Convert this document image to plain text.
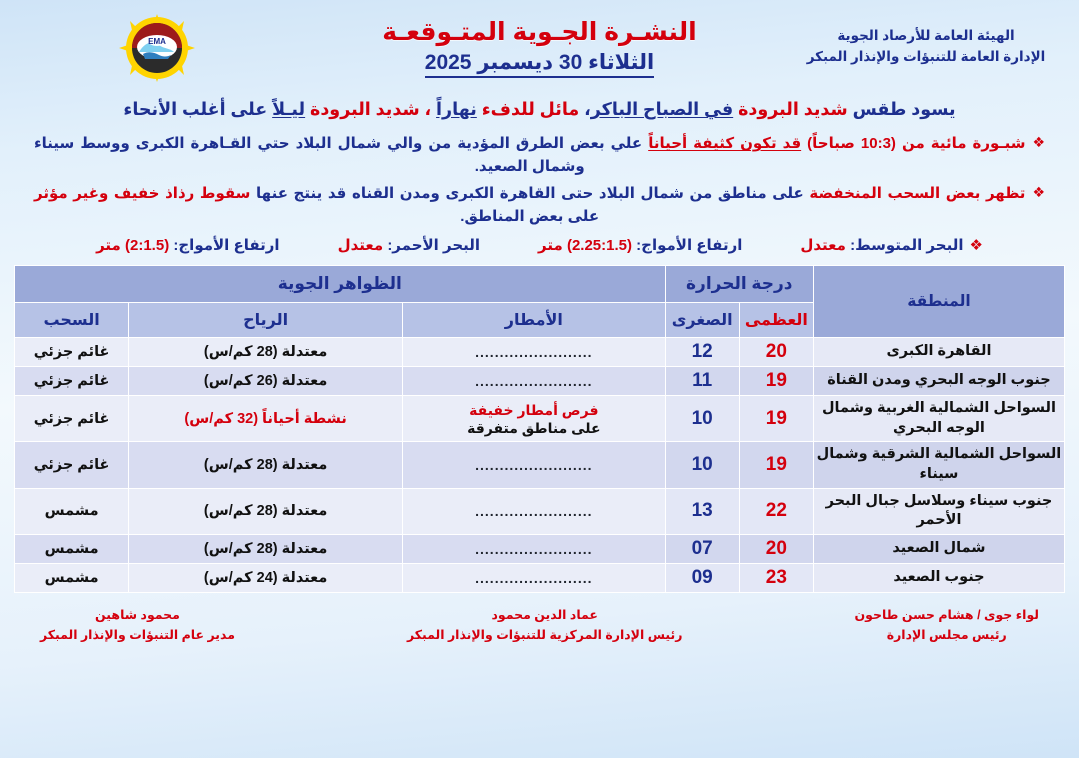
EMA	الهيئة العامة للأرصاد الجوية
الإدارة العامة للتنبؤات والإنذار المبكر
النشـرة الجـوية المتـوقعـة
الثلاثاء 30 ديسمبر 2025
يسود طقس شديد البرودة في الصباح الباكر، مائل للدفء نهاراً ، شديد البرودة ليـلاً على أغلب الأنحاء
❖
شبـورة مائية من (10:3 صباحاً) قد تكون كثيفة أحياناً علي بعض الطرق المؤدية من والي شمال البلاد حتي القـاهرة الكبرى ووسط سيناء وشمال الصعيد.
❖
تظهر بعض السحب المنخفضة على مناطق من شمال البلاد حتى القاهرة الكبرى ومدن القناه قد ينتج عنها سقوط رذاذ خفيف وغير مؤثر على بعض المناطق.
❖
البحر المتوسط: معتدل
ارتفاع الأمواج: (2.25:1.5) متر
البحر الأحمر: معتدل
ارتفاع الأمواج: (2:1.5) متر
المنطقة	درجة الحرارة		الظواهر الجوية		
	العظمى	الصغرى	الأمطار	الرياح	السحب
القاهرة الكبرى	20	12	........................	معتدلة (28 كم/س)	غائم جزئي
جنوب الوجه البحري ومدن القناة	19	11	........................	معتدلة (26 كم/س)	غائم جزئي
السواحل الشمالية الغربية وشمال الوجه البحري	19	10	فرص أمطار خفيفة
على مناطق متفرقة	نشطة أحياناً (32 كم/س)	غائم جزئي
السواحل الشمالية الشرقية وشمال سيناء	19	10	........................	معتدلة (28 كم/س)	غائم جزئي
جنوب سيناء وسلاسل جبال البحر الأحمر	22	13	........................	معتدلة (28 كم/س)	مشمس
شمال الصعيد	20	07	........................	معتدلة (28 كم/س)	مشمس
جنوب الصعيد	23	09	........................	معتدلة (24 كم/س)	مشمس
لواء جوى / هشام حسن طاحون
رئيس مجلس الإدارة
عماد الدين محمود
رئيس الإدارة المركزية للتنبؤات والإنذار المبكر
محمود شاهين
مدير عام التنبؤات والإنذار المبكر
